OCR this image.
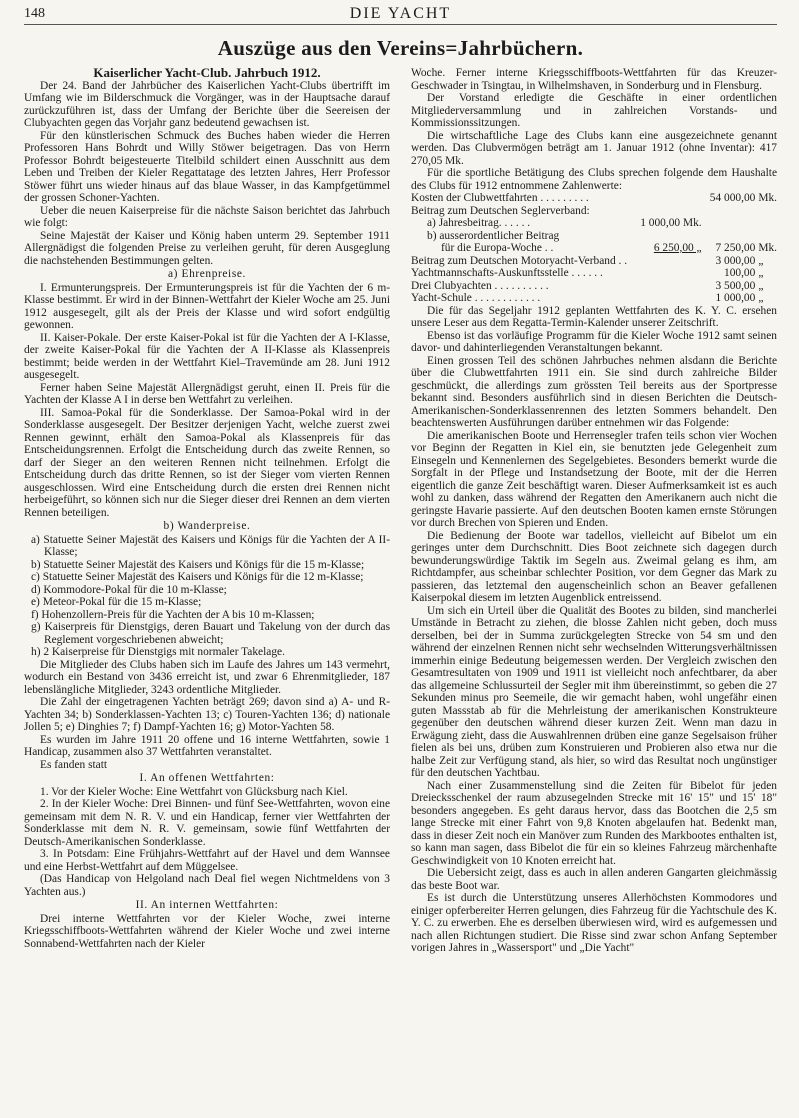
148	DIE YACHT
Auszüge aus den Vereins=Jahrbüchern.

Kaiserlicher Yacht-Club. Jahrbuch 1912.

Der 24. Band der Jahrbücher des Kaiserlichen Yacht-Clubs übertrifft im Umfang wie im Bilderschmuck die Vorgänger, was in der Hauptsache darauf zurückzuführen ist, dass der Umfang der Berichte über die Seereisen der Clubyachten gegen das Vorjahr ganz bedeutend gewachsen ist.

Für den künstlerischen Schmuck des Buches haben wieder die Herren Professoren Hans Bohrdt und Willy Stöwer beigetragen. Das von Herrn Professor Bohrdt beigesteuerte Titelbild schildert einen Ausschnitt aus dem Leben und Treiben der Kieler Regattatage des letzten Jahres, Herr Professor Stöwer führt uns wieder hinaus auf das blaue Wasser, in das Kampfgetümmel der grossen Schoner-Yachten.

Ueber die neuen Kaiserpreise für die nächste Saison berichtet das Jahrbuch wie folgt:

Seine Majestät der Kaiser und König haben unterm 29. September 1911 Allergnädigst die folgenden Preise zu verleihen geruht, für deren Ausgeglung die nachstehenden Bestimmungen gelten.

a) Ehrenpreise.

I. Ermunterungspreis. Der Ermunterungspreis ist für die Yachten der 6 m-Klasse bestimmt. Er wird in der Binnen-Wettfahrt der Kieler Woche am 25. Juni 1912 ausgesegelt, gilt als der Preis der Klasse und wird sofort endgültig gewonnen.

II. Kaiser-Pokale. Der erste Kaiser-Pokal ist für die Yachten der A I-Klasse, der zweite Kaiser-Pokal für die Yachten der A II-Klasse als Klassenpreis bestimmt; beide werden in der Wettfahrt Kiel–Travemünde am 28. Juni 1912 ausgesegelt.

Ferner haben Seine Majestät Allergnädigst geruht, einen II. Preis für die Yachten der Klasse A I in derse ben Wettfahrt zu verleihen.

III. Samoa-Pokal für die Sonderklasse. Der Samoa-Pokal wird in der Sonderklasse ausgesegelt. Der Besitzer derjenigen Yacht, welche zuerst zwei Rennen gewinnt, erhält den Samoa-Pokal als Klassenpreis für das Entscheidungsrennen. Erfolgt die Entscheidung durch das zweite Rennen, so darf der Sieger an den weiteren Rennen nicht teilnehmen. Erfolgt die Entscheidung durch das dritte Rennen, so ist der Sieger vom vierten Rennen ausgeschlossen. Wird eine Entscheidung durch die ersten drei Rennen nicht herbeigeführt, so können sich nur die Sieger dieser drei Rennen an dem vierten Rennen beteiligen.

b) Wanderpreise.

a) Statuette Seiner Majestät des Kaisers und Königs für die Yachten der A II-Klasse;

b) Statuette Seiner Majestät des Kaisers und Königs für die 15 m-Klasse;

c) Statuette Seiner Majestät des Kaisers und Königs für die 12 m-Klasse;

d) Kommodore-Pokal für die 10 m-Klasse;

e) Meteor-Pokal für die 15 m-Klasse;

f) Hohenzollern-Preis für die Yachten der A bis 10 m-Klassen;

g) Kaiserpreis für Dienstgigs, deren Bauart und Takelung von der durch das Reglement vorgeschriebenen abweicht;

h) 2 Kaiserpreise für Dienstgigs mit normaler Takelage.

Die Mitglieder des Clubs haben sich im Laufe des Jahres um 143 vermehrt, wodurch ein Bestand von 3436 erreicht ist, und zwar 6 Ehrenmitglieder, 187 lebenslängliche Mitglieder, 3243 ordentliche Mitglieder.

Die Zahl der eingetragenen Yachten beträgt 269; davon sind a) A- und R-Yachten 34; b) Sonderklassen-Yachten 13; c) Touren-Yachten 136; d) nationale Jollen 5; e) Dinghies 7; f) Dampf-Yachten 16; g) Motor-Yachten 58.

Es wurden im Jahre 1911 20 offene und 16 interne Wettfahrten, sowie 1 Handicap, zusammen also 37 Wettfahrten veranstaltet.

Es fanden statt

I. An offenen Wettfahrten:

1. Vor der Kieler Woche: Eine Wettfahrt von Glücksburg nach Kiel.

2. In der Kieler Woche: Drei Binnen- und fünf See-Wettfahrten, wovon eine gemeinsam mit dem N. R. V. und ein Handicap, ferner vier Wettfahrten der Sonderklasse mit dem N. R. V. gemeinsam, sowie fünf Wettfahrten der Deutsch-Amerikanischen Sonderklasse.

3. In Potsdam: Eine Frühjahrs-Wettfahrt auf der Havel und dem Wannsee und eine Herbst-Wettfahrt auf dem Müggelsee.

(Das Handicap von Helgoland nach Deal fiel wegen Nichtmeldens von 3 Yachten aus.)

II. An internen Wettfahrten:

Drei interne Wettfahrten vor der Kieler Woche, zwei interne Kriegsschiffboots-Wettfahrten während der Kieler Woche und zwei interne Sonnabend-Wettfahrten nach der Kieler

Woche. Ferner interne Kriegsschiffboots-Wettfahrten für das Kreuzer-Geschwader in Tsingtau, in Wilhelmshaven, in Sonderburg und in Flensburg.

Der Vorstand erledigte die Geschäfte in einer ordentlichen Mitgliederversammlung und in zahlreichen Vorstands- und Kommissionssitzungen.

Die wirtschaftliche Lage des Clubs kann eine ausgezeichnete genannt werden. Das Clubvermögen beträgt am 1. Januar 1912 (ohne Inventar): 417 270,05 Mk.

Für die sportliche Betätigung des Clubs sprechen folgende dem Haushalte des Clubs für 1912 entnommene Zahlenwerte:

Kosten der Clubwettfahrten . . . . . . . . .		54 000,00	Mk.
Beitrag zum Deutschen Seglerverband:			
a) Jahresbeitrag. . . . . .	1 000,00 Mk.		
b) ausserordentlicher Beitrag			
für die Europa-Woche . .	6 250,00 „	7 250,00	Mk.
Beitrag zum Deutschen Motoryacht-Verband . .		3 000,00	„
Yachtmannschafts-Auskunftsstelle . . . . . .		100,00	„
Drei Clubyachten . . . . . . . . . .		3 500,00	„
Yacht-Schule . . . . . . . . . . . .		1 000,00	„

Die für das Segeljahr 1912 geplanten Wettfahrten des K. Y. C. ersehen unsere Leser aus dem Regatta-Termin-Kalender unserer Zeitschrift.

Ebenso ist das vorläufige Programm für die Kieler Woche 1912 samt seinen davor- und dahinterliegenden Veranstaltungen bekannt.

Einen grossen Teil des schönen Jahrbuches nehmen alsdann die Berichte über die Clubwettfahrten 1911 ein. Sie sind durch zahlreiche Bilder geschmückt, die allerdings zum grössten Teil bereits aus der Sportpresse bekannt sind. Besonders ausführlich sind in diesen Berichten die Deutsch-Amerikanischen-Sonderklassenrennen des letzten Sommers behandelt. Den beachtenswerten Ausführungen darüber entnehmen wir das Folgende:

Die amerikanischen Boote und Herrensegler trafen teils schon vier Wochen vor Beginn der Regatten in Kiel ein, sie benutzten jede Gelegenheit zum Einsegeln und Kennenlernen des Segelgebietes. Besonders bemerkt wurde die Sorgfalt in der Pflege und Instandsetzung der Boote, mit der die Herren eigentlich die ganze Zeit beschäftigt waren. Dieser Aufmerksamkeit ist es auch wohl zu danken, dass während der Regatten den Amerikanern auch nicht die geringste Havarie passierte. Auf den deutschen Booten kamen ernste Störungen vor durch Brechen von Spieren und Enden.

Die Bedienung der Boote war tadellos, vielleicht auf Bibelot um ein geringes unter dem Durchschnitt. Dies Boot zeichnete sich dagegen durch bewunderungswürdige Taktik im Segeln aus. Zweimal gelang es ihm, am Richtdampfer, aus scheinbar schlechter Position, vor dem Gegner das Mark zu passieren, das letztemal den augenscheinlich schon an Beaver gefallenen Kaiserpokal diesem im letzten Augenblick entreissend.

Um sich ein Urteil über die Qualität des Bootes zu bilden, sind mancherlei Umstände in Betracht zu ziehen, die blosse Zahlen nicht geben, doch muss derselben, bei der in Summa zurückgelegten Strecke von 54 sm und den während der einzelnen Rennen nicht sehr wechselnden Witterungsverhältnissen immerhin einige Bedeutung beigemessen werden. Der Vergleich zwischen den Gesamtresultaten von 1909 und 1911 ist vielleicht noch anfechtbarer, da aber das allgemeine Schlussurteil der Segler mit ihm übereinstimmt, so geben die 27 Sekunden minus pro Seemeile, die wir gemacht haben, wohl ungefähr einen guten Massstab ab für die Mehrleistung der amerikanischen Konstrukteure gegenüber den deutschen während dieser kurzen Zeit. Wenn man dazu in Erwägung zieht, dass die Auswahlrennen drüben eine ganze Segelsaison früher fielen als bei uns, drüben zum Konstruieren und Probieren also etwa nur die halbe Zeit zur Verfügung stand, als hier, so wird das Resultat noch ungünstiger für den deutschen Yachtbau.

Nach einer Zusammenstellung sind die Zeiten für Bibelot für jeden Dreiecksschenkel der raum abzusegelnden Strecke mit 16' 15" und 15' 18" besonders angegeben. Es geht daraus hervor, dass das Bootchen die 2,5 sm lange Strecke mit einer Fahrt von 9,8 Knoten abgelaufen hat. Bedenkt man, dass in dieser Zeit noch ein Manöver zum Runden des Markbootes enthalten ist, so kann man sagen, dass Bibelot die für ein so kleines Fahrzeug märchenhafte Geschwindigkeit von 10 Knoten erreicht hat.

Die Uebersicht zeigt, dass es auch in allen anderen Gangarten gleichmässig das beste Boot war.

Es ist durch die Unterstützung unseres Allerhöchsten Kommodores und einiger opferbereiter Herren gelungen, dies Fahrzeug für die Yachtschule des K. Y. C. zu erwerben. Ehe es derselben überwiesen wird, wird es aufgemessen und nach allen Richtungen studiert. Die Risse sind zwar schon Anfang September vorigen Jahres in „Wassersport" und „Die Yacht"
